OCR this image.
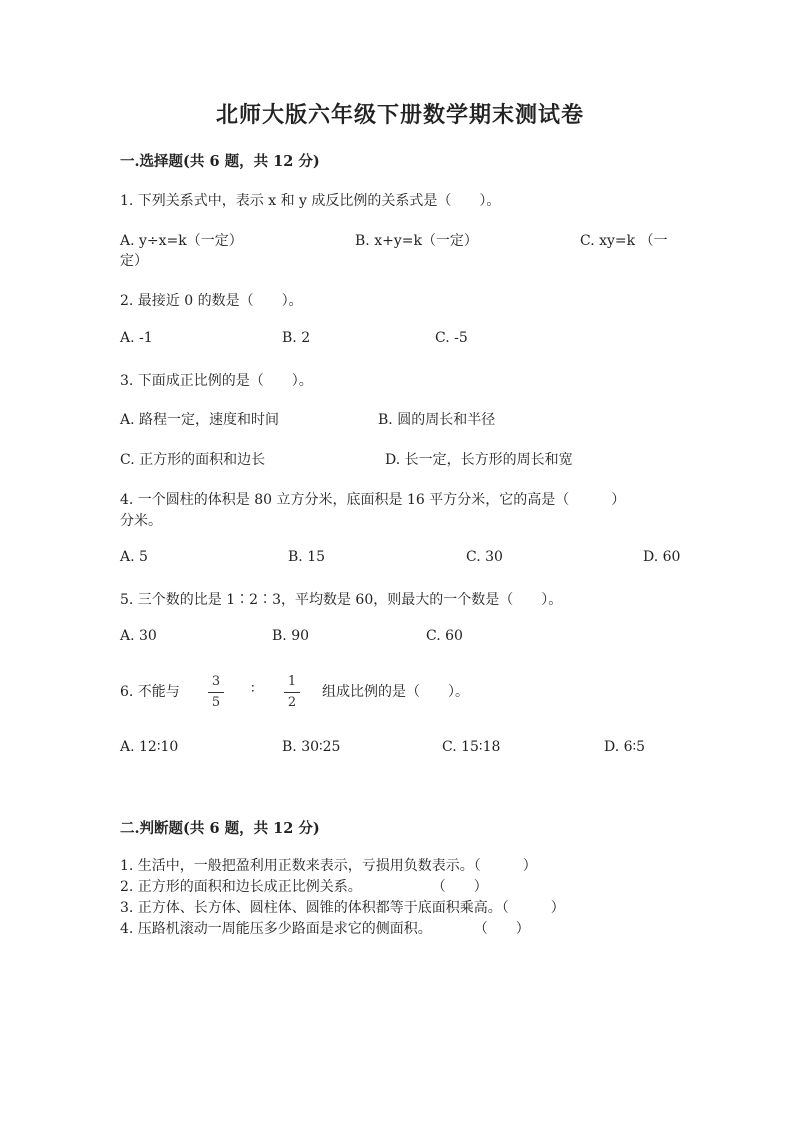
北师大版六年级下册数学期末测试卷
一.选择题(共 6 题，共 12 分)
1. 下列关系式中，表示 x 和 y 成反比例的关系式是（　　）。
A. y÷x=k（一定）	B. x+y=k（一定）	C. xy=k （一
定）
2. 最接近 0 的数是（　　）。
A. -1	B. 2	C. -5
3. 下面成正比例的是（　　）。
A. 路程一定，速度和时间	B. 圆的周长和半径
C. 正方形的面积和边长	D. 长一定，长方形的周长和宽
4. 一个圆柱的体积是 80 立方分米，底面积是 16 平方分米，它的高是（　　　）
分米。
A. 5	B. 15	C. 30	D. 60
5. 三个数的比是 1∶2∶3，平均数是 60，则最大的一个数是（　　）。
A. 30	B. 90	C. 60
6. 不能与
3
5
∶	1
2
组成比例的是（　　）。
A. 12∶10	B. 30∶25	C. 15∶18	D. 6∶5
二.判断题(共 6 题，共 12 分)
1. 生活中，一般把盈利用正数来表示，亏损用负数表示。（　　　）
2. 正方形的面积和边长成正比例关系。　　　　　　（　　）
3. 正方体、长方体、圆柱体、圆锥的体积都等于底面积乘高。（　　　）
4. 压路机滚动一周能压多少路面是求它的侧面积。　　　　（　　）
